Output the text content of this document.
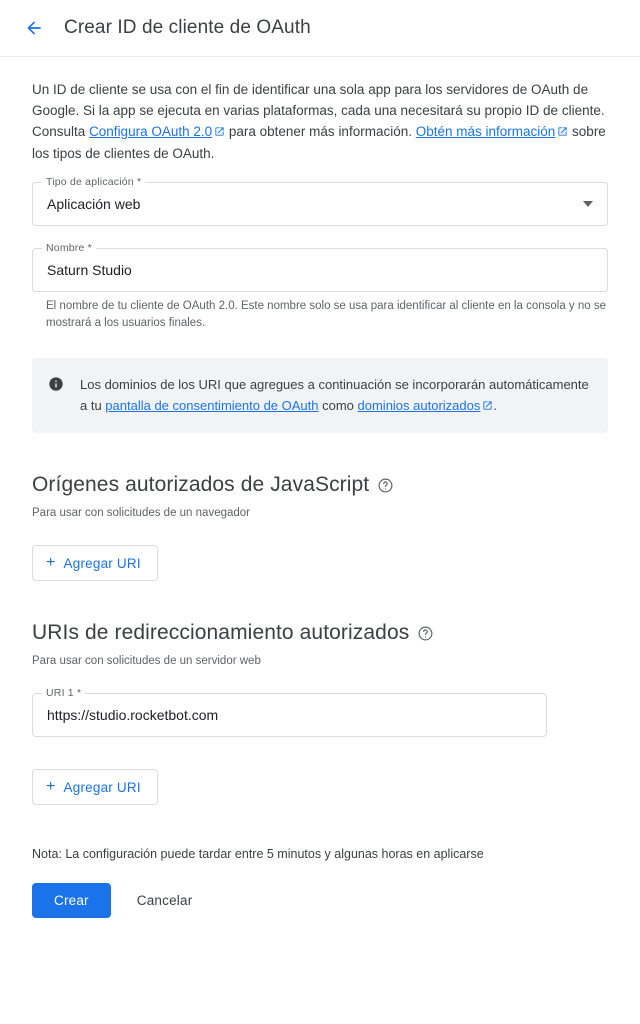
Crear ID de cliente de OAuth

Un ID de cliente se usa con el fin de identificar una sola app para los servidores de OAuth de Google. Si la app se ejecuta en varias plataformas, cada una necesitará su propio ID de cliente. Consulta Configura OAuth 2.0 para obtener más información. Obtén más información sobre los tipos de clientes de OAuth.

Tipo de aplicación *
Aplicación web
Nombre *
Saturn Studio
El nombre de tu cliente de OAuth 2.0. Este nombre solo se usa para identificar al cliente en la consola y no se mostrará a los usuarios finales.
Los dominios de los URI que agregues a continuación se incorporarán automáticamente a tu pantalla de consentimiento de OAuth como dominios autorizados .
Orígenes autorizados de JavaScript
Para usar con solicitudes de un navegador
+ Agregar URI
URIs de redireccionamiento autorizados
Para usar con solicitudes de un servidor web
URI 1 *
https://studio.rocketbot.com
+ Agregar URI
Nota: La configuración puede tardar entre 5 minutos y algunas horas en aplicarse
Crear	Cancelar
